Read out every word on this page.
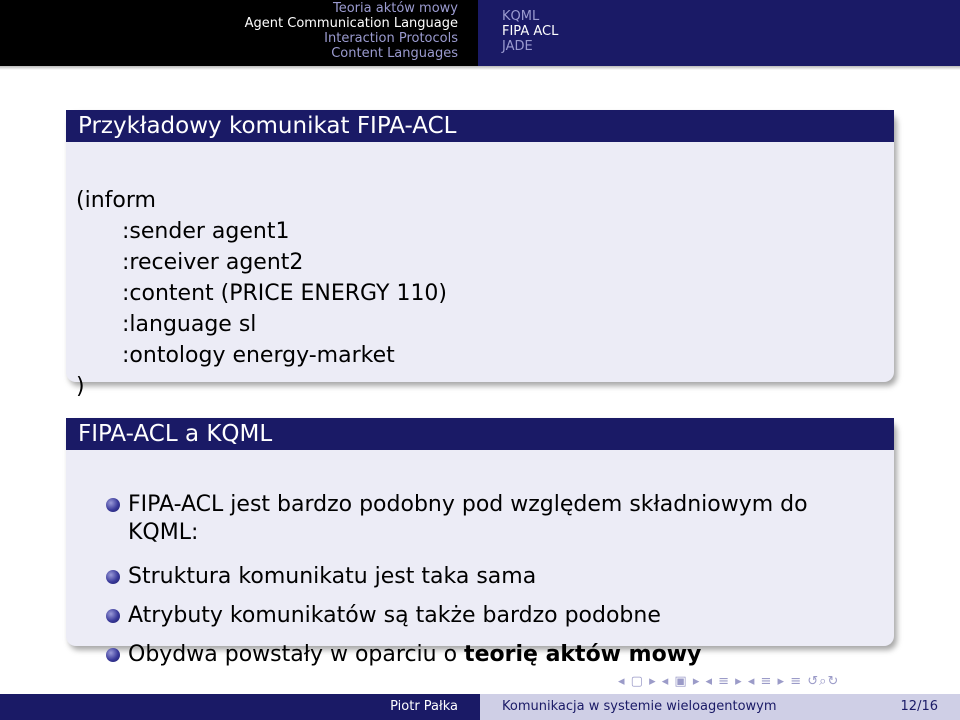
Teoria aktów mowy
Agent Communication Language
Interaction Protocols
Content Languages
KQML
FIPA ACL
JADE
Przykładowy komunikat FIPA-ACL
(inform
:sender agent1
:receiver agent2
:content (PRICE ENERGY 110)
:language sl
:ontology energy-market
)
FIPA-ACL a KQML
FIPA-ACL jest bardzo podobny pod względem składniowym do
KQML:
Struktura komunikatu jest taka sama
Atrybuty komunikatów są także bardzo podobne
Obydwa powstały w oparciu o teorię aktów mowy
◂ ▢ ▸ ◂ ▣ ▸ ◂ ≡ ▸ ◂ ≡ ▸ ≡ ↺⌕↻
Piotr Pałka	Komunikacja w systemie wieloagentowym	12/16
